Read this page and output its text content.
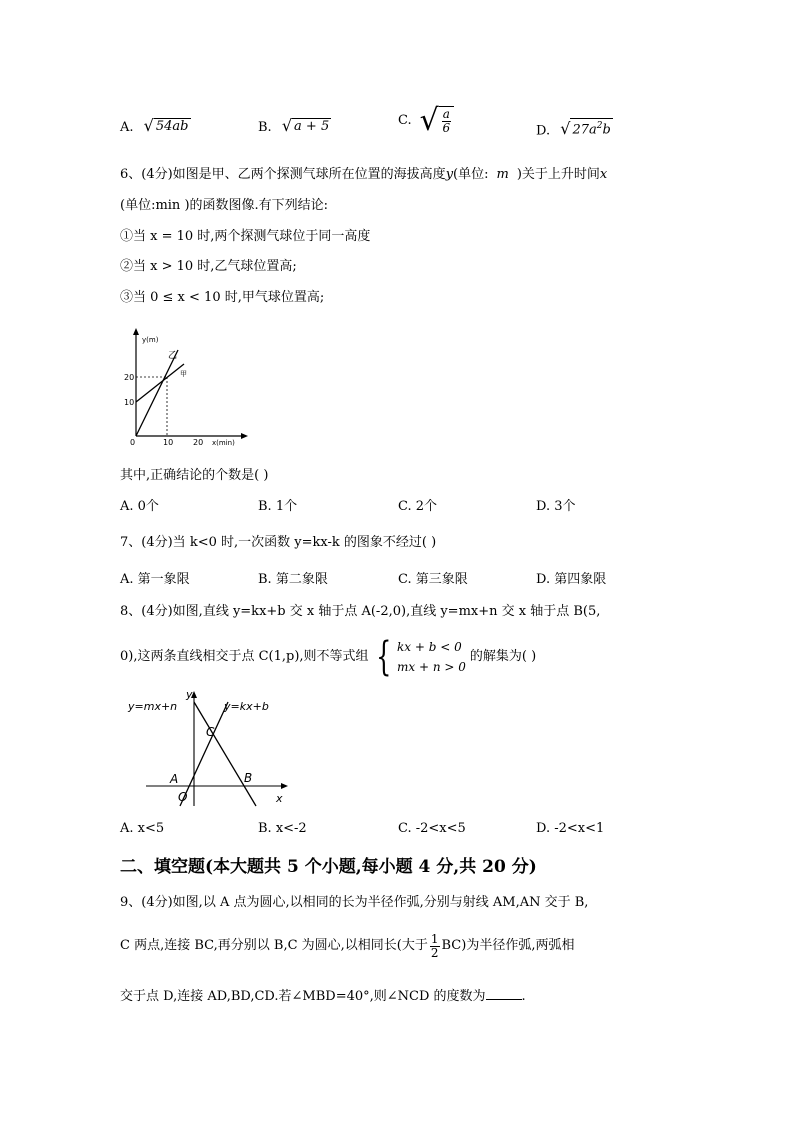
A. √ 54ab	B. √ a + 5	C. √ $\frac{a}{6}$	D. √ $27a^2b$
6、(4分)如图是甲、乙两个探测气球所在位置的海拔高度y(单位: m )关于上升时间x
(单位:min )的函数图像.有下列结论:
①当 x = 10 时,两个探测气球位于同一高度
②当 x > 10 时,乙气球位置高;
③当 0 ≤ x < 10 时,甲气球位置高;
y(m)
乙
甲
20
10
0	10 20 x(min)
其中,正确结论的个数是( )
A. 0个	B. 1个	C. 2个	D. 3个
7、(4分)当 k<0 时,一次函数 y=kx-k 的图象不经过( )
A. 第一象限	B. 第二象限	C. 第三象限	D. 第四象限
8、(4分)如图,直线 y=kx+b 交 x 轴于点 A(-2,0),直线 y=mx+n 交 x 轴于点 B(5,
0),这两条直线相交于点 C(1,p),则不等式组 { kx + b < 0
mx + n > 0
的解集为( )
y=mx+n	y=kx+b
y
x
C
A	B
O
A. x<5	B. x<-2	C. -2<x<5	D. -2<x<1
二、填空题(本大题共 5 个小题,每小题 4 分,共 20 分)
9、(4分)如图,以 A 点为圆心,以相同的长为半径作弧,分别与射线 AM,AN 交于 B,
C 两点,连接 BC,再分别以 B,C 为圆心,以相同长(大于 $\frac{1}{2} BC$)为半径作弧,两弧相
交于点 D,连接 AD,BD,CD.若∠MBD=40°,则∠NCD 的度数为	.
